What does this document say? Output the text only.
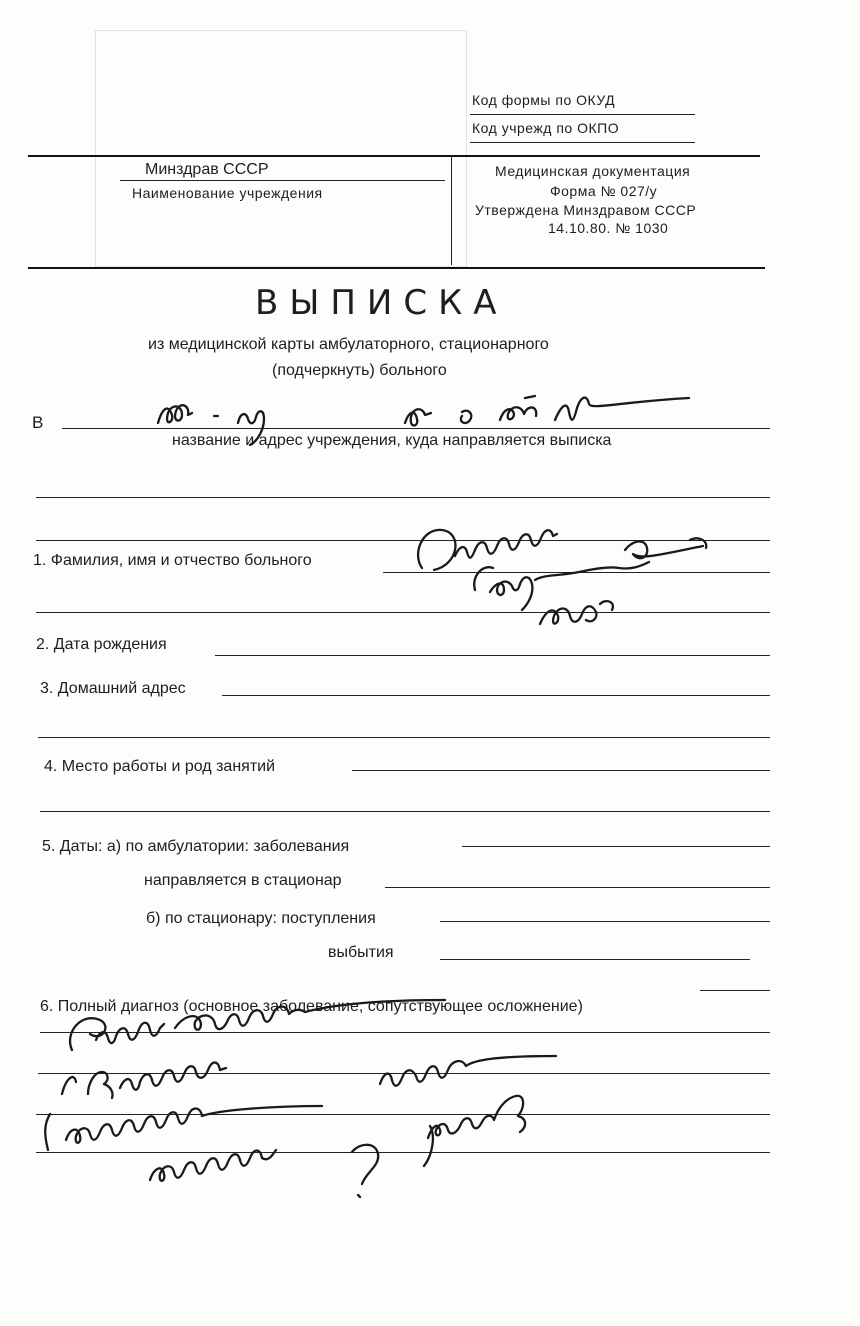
Код формы по ОКУД
Код учрежд по ОКПО
Минздрав СССР
Наименование учреждения
Медицинская документация
Форма № 027/у
Утверждена Минздравом СССР
14.10.80. № 1030
ВЫПИСКА
из медицинской карты амбулаторного, стационарного
(подчеркнуть) больного
В
название и адрес учреждения, куда направляется выписка
1. Фамилия, имя и отчество больного
2. Дата рождения
3. Домашний адрес
4. Место работы и род занятий
5. Даты: а) по амбулатории: заболевания
направляется в стационар
б) по стационару: поступления
выбытия
6. Полный диагноз (основное заболевание, сопутствующее осложнение)
